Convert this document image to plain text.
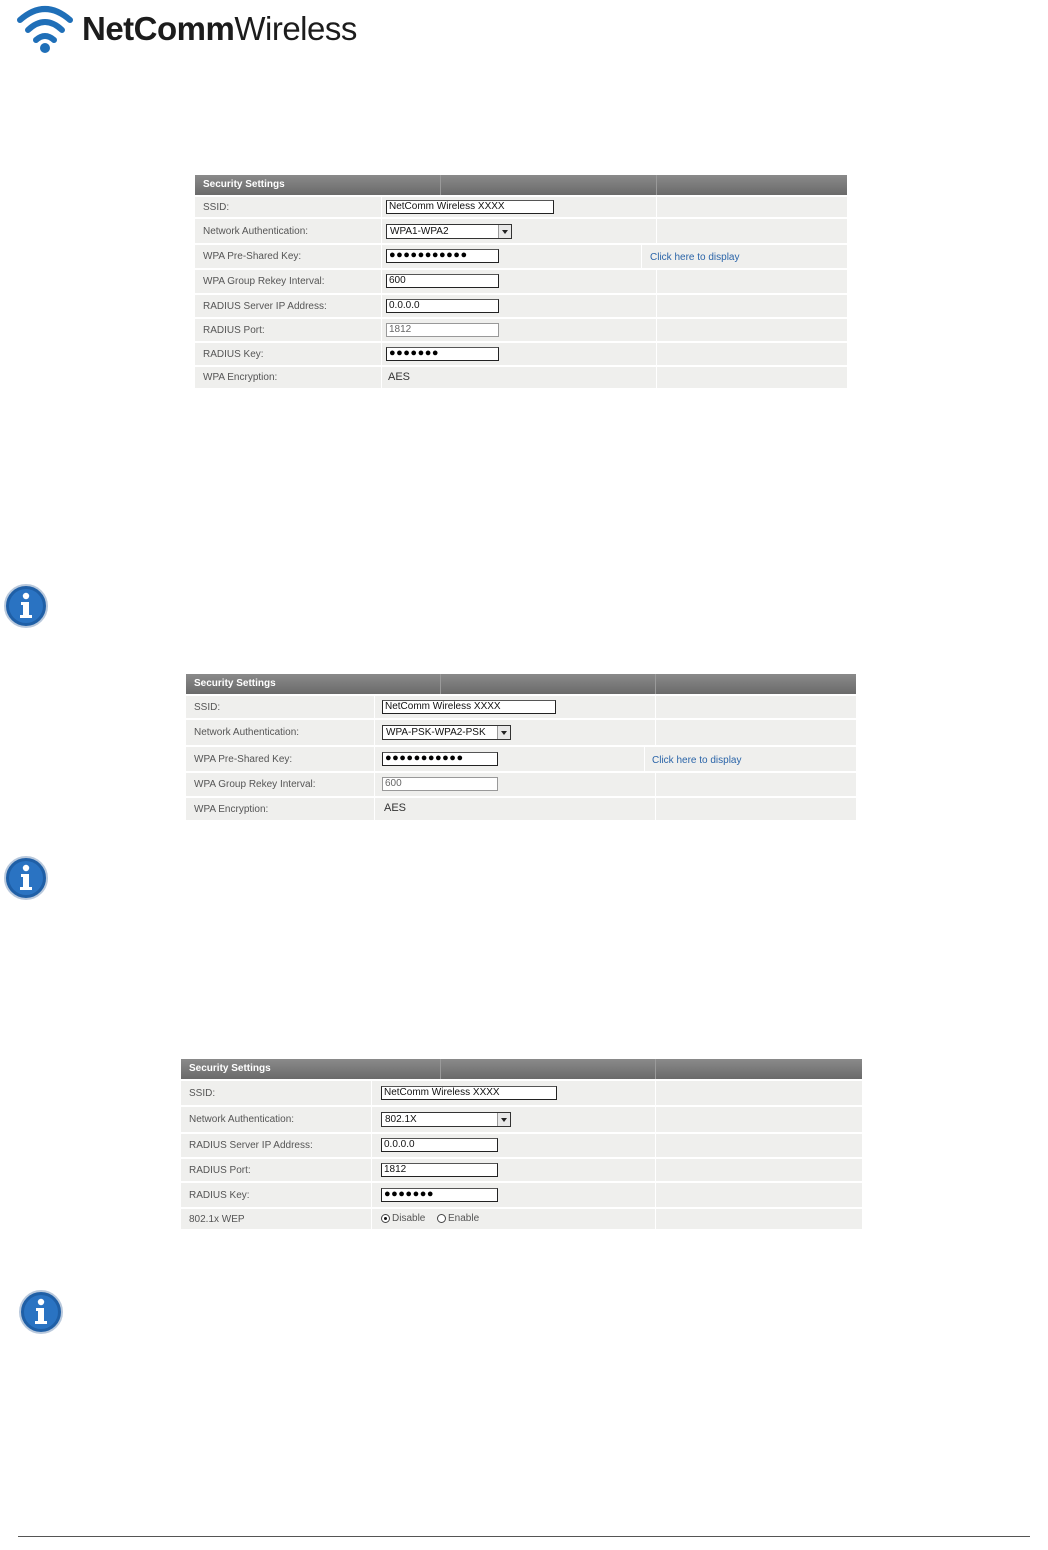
NetCommWireless
Security Settings
SSID:	NetComm Wireless XXXX
Network Authentication:	WPA1-WPA2
WPA Pre-Shared Key:	●●●●●●●●●●●	Click here to display
WPA Group Rekey Interval:	600
RADIUS Server IP Address:	0.0.0.0
RADIUS Port:	1812
RADIUS Key:	●●●●●●●
WPA Encryption:	AES
Security Settings
SSID:	NetComm Wireless XXXX
Network Authentication:	WPA-PSK-WPA2-PSK
WPA Pre-Shared Key:	●●●●●●●●●●●	Click here to display
WPA Group Rekey Interval:	600
WPA Encryption:	AES
Security Settings
SSID:	NetComm Wireless XXXX
Network Authentication:	802.1X
RADIUS Server IP Address:	0.0.0.0
RADIUS Port:	1812
RADIUS Key:	●●●●●●●
802.1x WEP	Disable Enable
